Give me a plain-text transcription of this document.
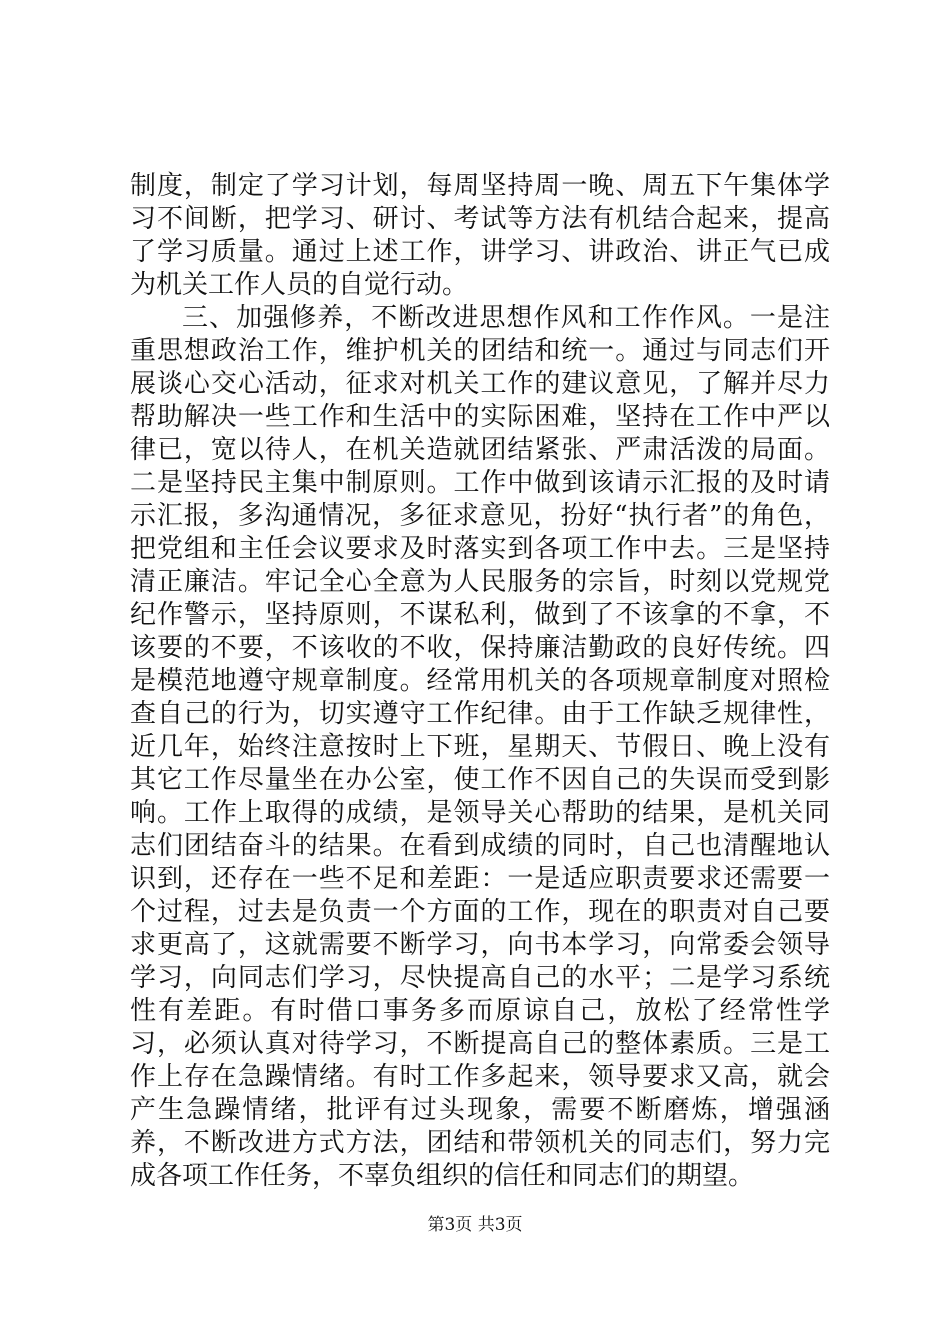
制度，制定了学习计划，每周坚持周一晚、周五下午集体学习不间断，把学习、研讨、考试等方法有机结合起来，提高了学习质量。通过上述工作，讲学习、讲政治、讲正气已成为机关工作人员的自觉行动。

三、加强修养，不断改进思想作风和工作作风。一是注重思想政治工作，维护机关的团结和统一。通过与同志们开展谈心交心活动，征求对机关工作的建议意见，了解并尽力帮助解决一些工作和生活中的实际困难，坚持在工作中严以律已，宽以待人，在机关造就团结紧张、严肃活泼的局面。二是坚持民主集中制原则。工作中做到该请示汇报的及时请示汇报，多沟通情况，多征求意见，扮好“执行者”的角色，把党组和主任会议要求及时落实到各项工作中去。三是坚持清正廉洁。牢记全心全意为人民服务的宗旨，时刻以党规党纪作警示，坚持原则，不谋私利，做到了不该拿的不拿，不该要的不要，不该收的不收，保持廉洁勤政的良好传统。四是模范地遵守规章制度。经常用机关的各项规章制度对照检查自己的行为，切实遵守工作纪律。由于工作缺乏规律性，近几年，始终注意按时上下班，星期天、节假日、晚上没有其它工作尽量坐在办公室，使工作不因自己的失误而受到影响。工作上取得的成绩，是领导关心帮助的结果，是机关同志们团结奋斗的结果。在看到成绩的同时，自己也清醒地认识到，还存在一些不足和差距：一是适应职责要求还需要一个过程，过去是负责一个方面的工作，现在的职责对自己要求更高了，这就需要不断学习，向书本学习，向常委会领导学习，向同志们学习，尽快提高自己的水平；二是学习系统性有差距。有时借口事务多而原谅自己，放松了经常性学习，必须认真对待学习，不断提高自己的整体素质。三是工作上存在急躁情绪。有时工作多起来，领导要求又高，就会产生急躁情绪，批评有过头现象，需要不断磨炼，增强涵养，不断改进方式方法，团结和带领机关的同志们，努力完成各项工作任务，不辜负组织的信任和同志们的期望。

第3页 共3页
